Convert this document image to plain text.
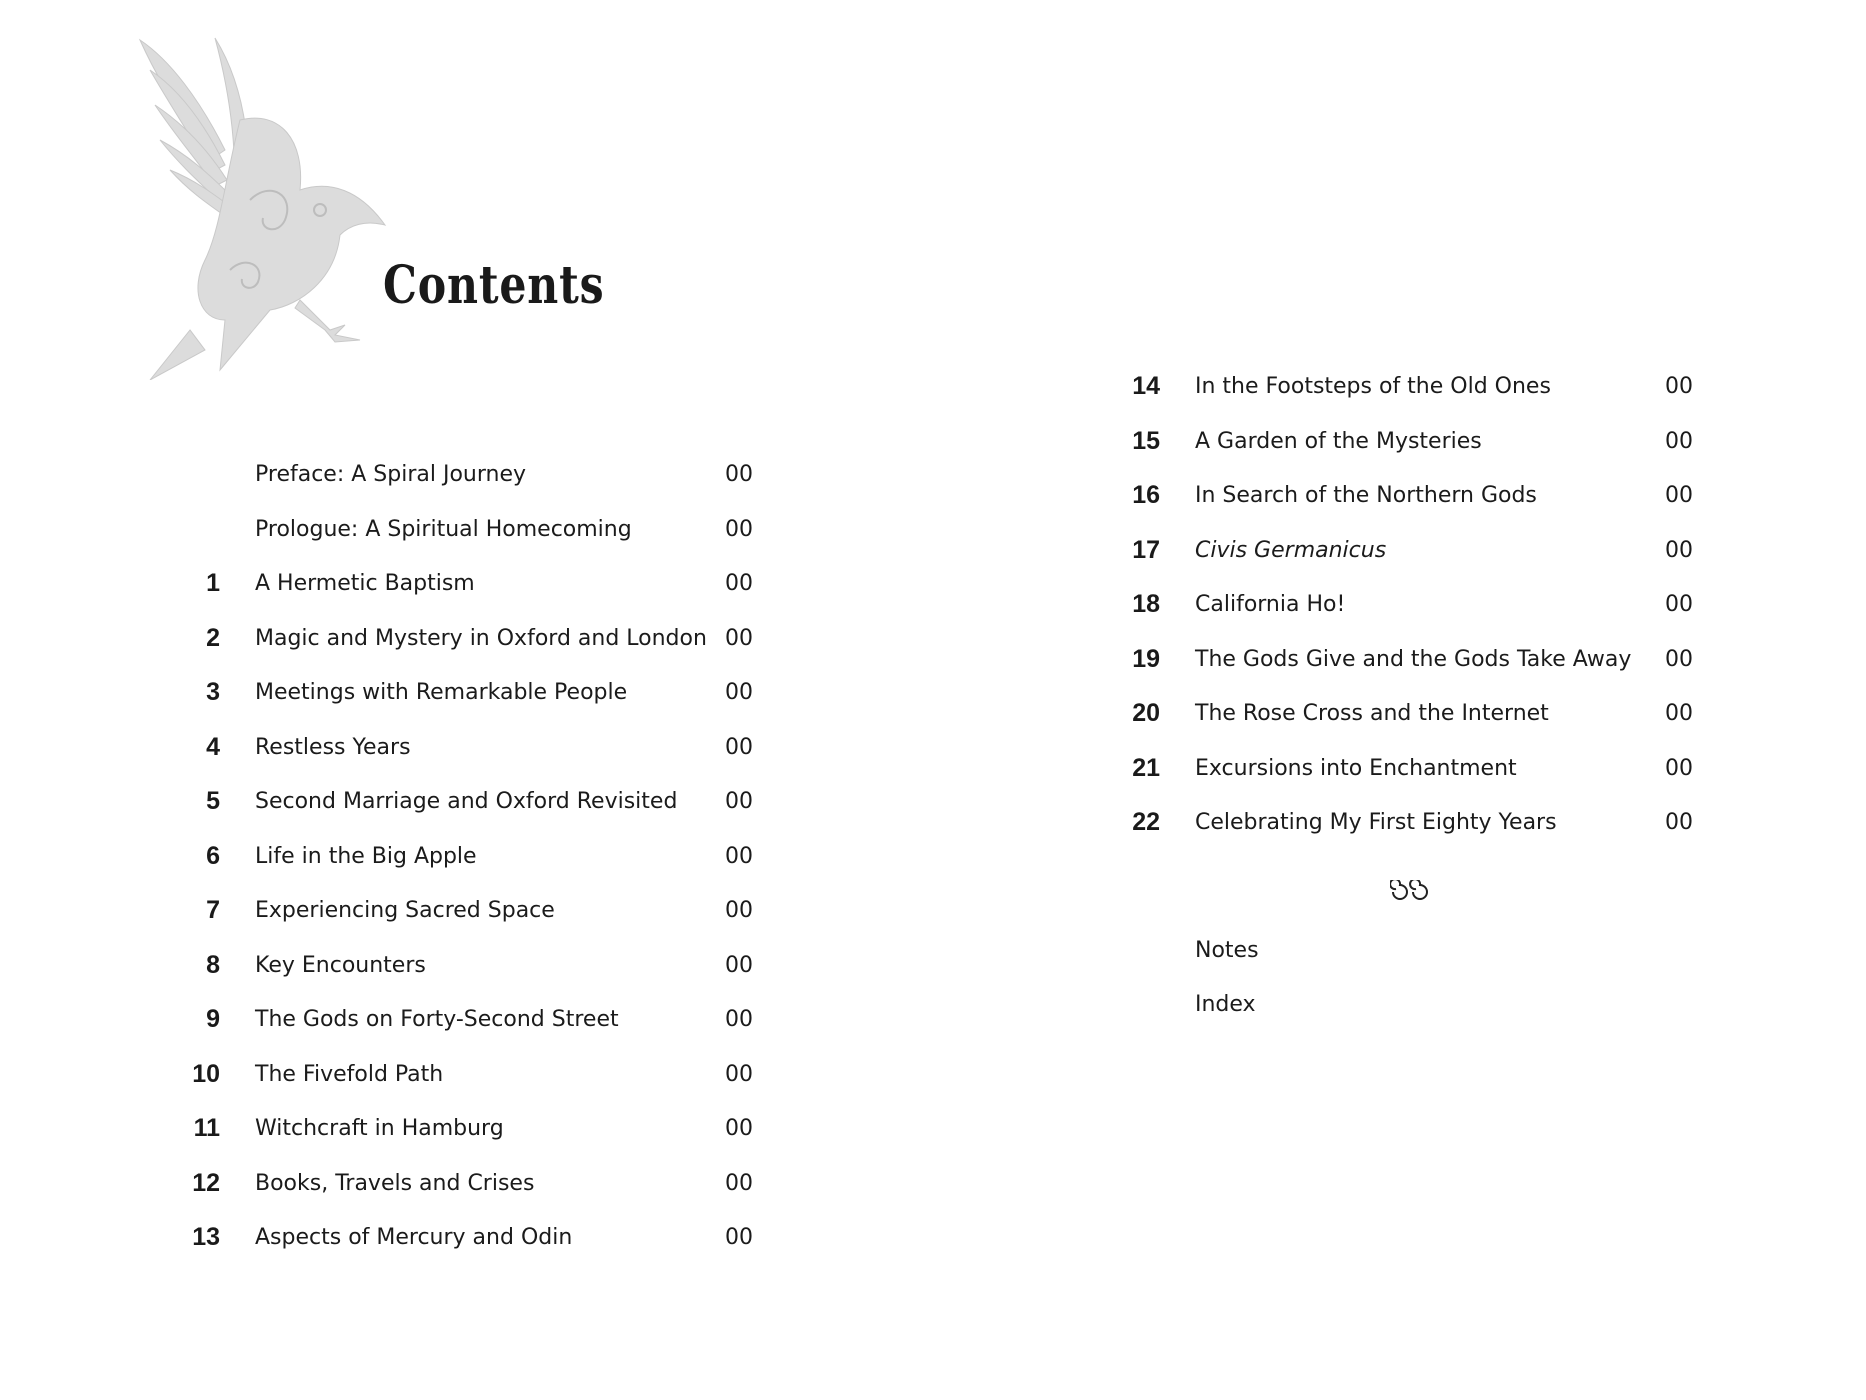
Contents
Preface: A Spiral Journey	00
Prologue: A Spiritual Homecoming	00
1 A Hermetic Baptism	00
2 Magic and Mystery in Oxford and London 00
3 Meetings with Remarkable People	00
4 Restless Years	00
5 Second Marriage and Oxford Revisited 00
6 Life in the Big Apple	00
7 Experiencing Sacred Space	00
8 Key Encounters	00
9 The Gods on Forty-Second Street	00
10 The Fivefold Path	00
11 Witchcraft in Hamburg	00
12 Books, Travels and Crises	00
13 Aspects of Mercury and Odin	00
14 In the Footsteps of the Old Ones	00
15 A Garden of the Mysteries	00
16 In Search of the Northern Gods	00
17 Civis Germanicus	00
18 California Ho!	00
19 The Gods Give and the Gods Take Away 00
20 The Rose Cross and the Internet	00
21 Excursions into Enchantment	00
22 Celebrating My First Eighty Years	00
Notes
Index
